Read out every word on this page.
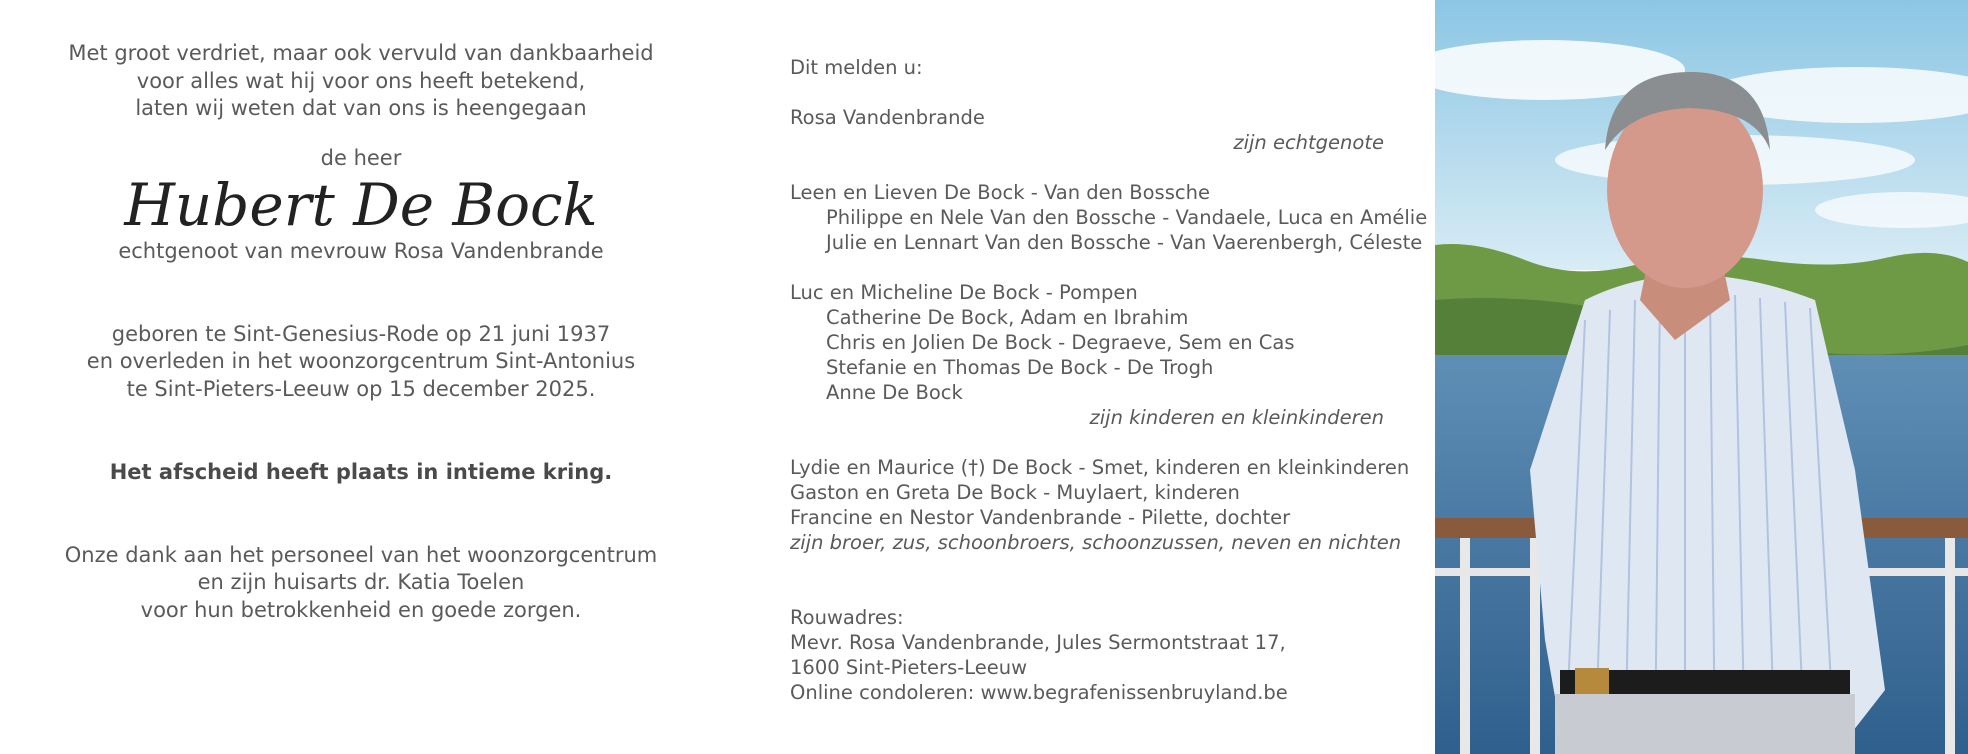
Met groot verdriet, maar ook vervuld van dankbaarheid

voor alles wat hij voor ons heeft betekend,

laten wij weten dat van ons is heengegaan

de heer

Hubert De Bock

echtgenoot van mevrouw Rosa Vandenbrande

geboren te Sint-Genesius-Rode op 21 juni 1937

en overleden in het woonzorgcentrum Sint-Antonius

te Sint-Pieters-Leeuw op 15 december 2025.

Het afscheid heeft plaats in intieme kring.

Onze dank aan het personeel van het woonzorgcentrum

en zijn huisarts dr. Katia Toelen

voor hun betrokkenheid en goede zorgen.

Dit melden u:

Rosa Vandenbrande

zijn echtgenote

Leen en Lieven De Bock - Van den Bossche

Philippe en Nele Van den Bossche - Vandaele, Luca en Amélie

Julie en Lennart Van den Bossche - Van Vaerenbergh, Céleste

Luc en Micheline De Bock - Pompen

Catherine De Bock, Adam en Ibrahim

Chris en Jolien De Bock - Degraeve, Sem en Cas

Stefanie en Thomas De Bock - De Trogh

Anne De Bock

zijn kinderen en kleinkinderen

Lydie en Maurice (†) De Bock - Smet, kinderen en kleinkinderen

Gaston en Greta De Bock - Muylaert, kinderen

Francine en Nestor Vandenbrande - Pilette, dochter

zijn broer, zus, schoonbroers, schoonzussen, neven en nichten

Rouwadres:

Mevr. Rosa Vandenbrande, Jules Sermontstraat 17,

1600 Sint-Pieters-Leeuw

Online condoleren: www.begrafenissenbruyland.be
